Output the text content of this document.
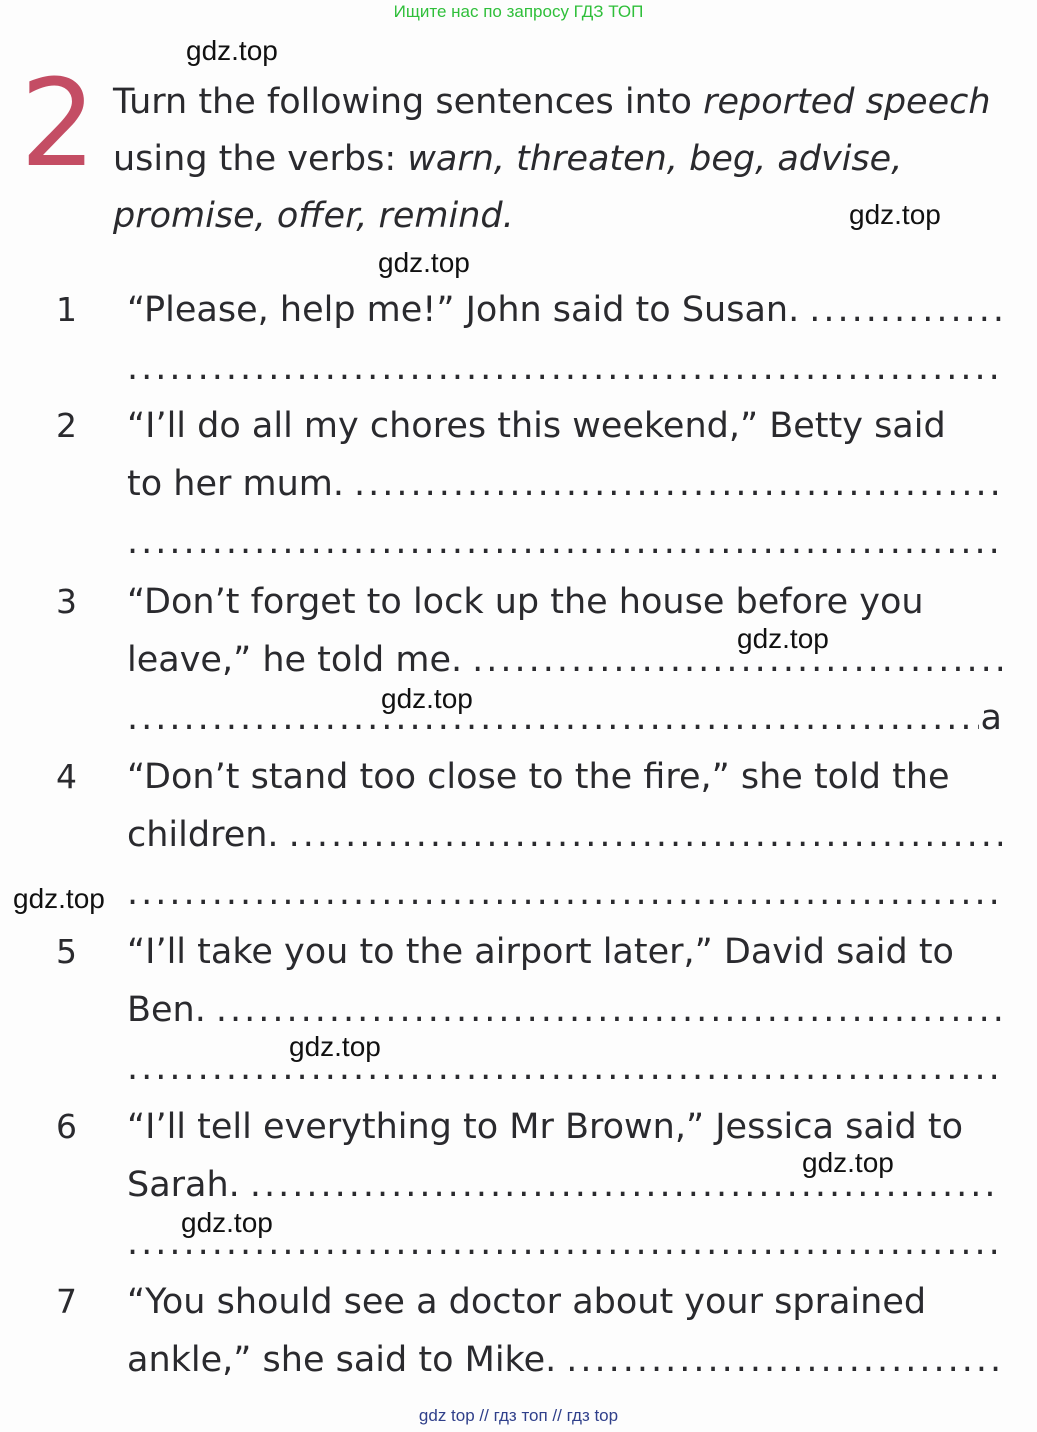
Ищите нас по запросу ГДЗ ТОП
2 Turn the following sentences into reported speech using the verbs: warn, threaten, beg, advise, promise, offer, remind.
1 “Please, help me!” John said to Susan.
.....
.....
2 “I’ll do all my chores this weekend,” Betty said
to her mum.
.....
.....
3 “Don’t forget to lock up the house before you
leave,” he told me.
.....
.....
a
4 “Don’t stand too close to the fire,” she told the
children.
.....
.....
5 “I’ll take you to the airport later,” David said to
Ben.
.....
.....
6 “I’ll tell everything to Mr Brown,” Jessica said to
Sarah.
.....
.....
7 “You should see a doctor about your sprained
ankle,” she said to Mike.
.....
gdz.top
gdz.top
gdz.top
gdz.top
gdz.top
gdz.top
gdz.top
gdz.top
gdz.top
gdz top // гдз топ // гдз top
